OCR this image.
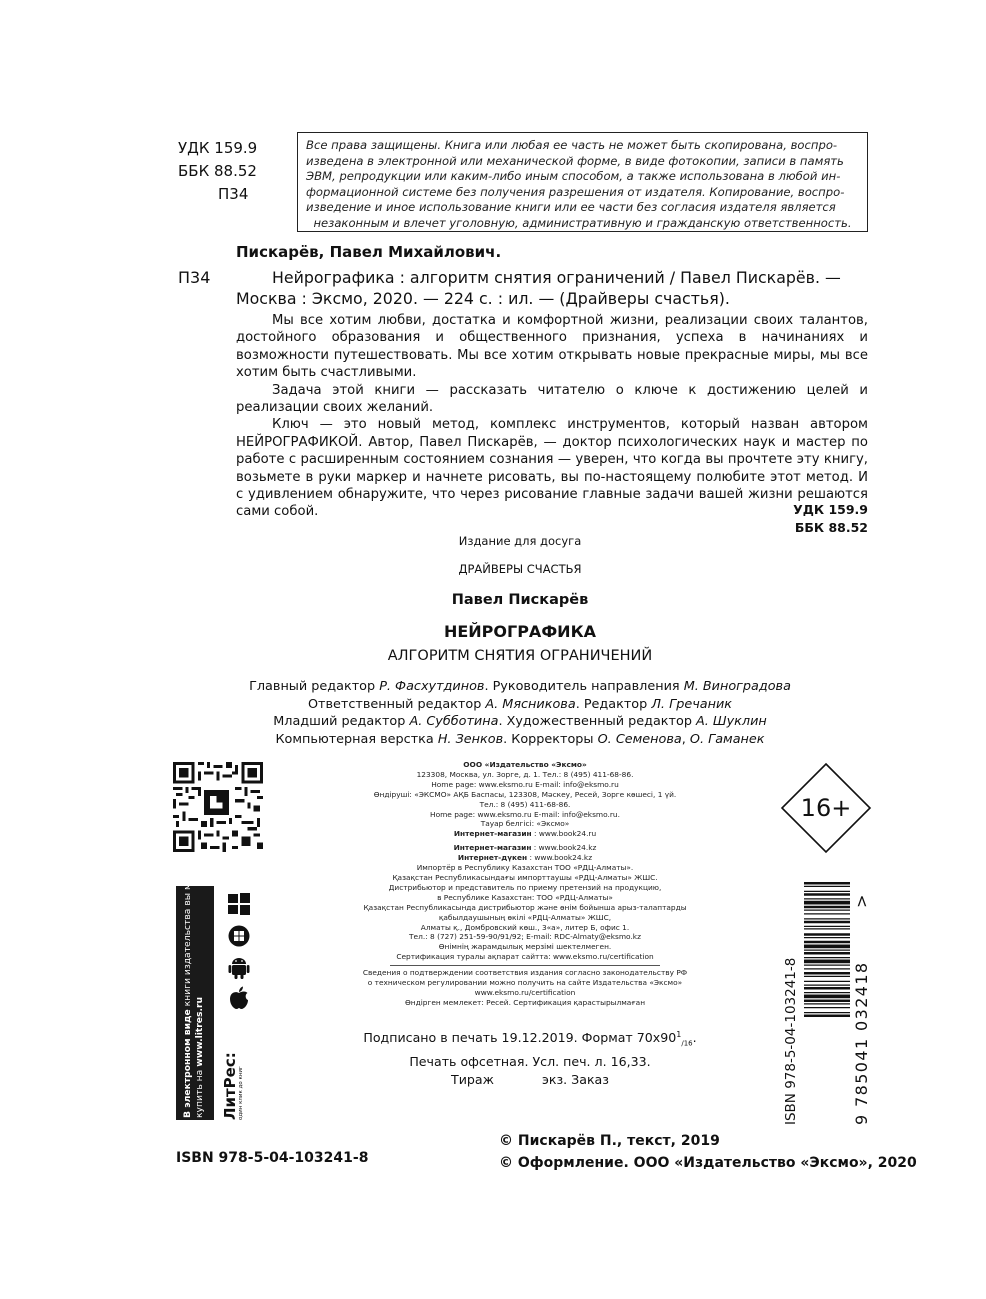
УДК 159.9
ББК 88.52
П34
Все права защищены. Книга или любая ее часть не может быть скопирована, воспро-
изведена в электронной или механической форме, в виде фотокопии, записи в память
ЭВМ, репродукции или каким-либо иным способом, а также использована в любой ин-
формационной системе без получения разрешения от издателя. Копирование, воспро-
изведение и иное использование книги или ее части без согласия издателя является
незаконным и влечет уголовную, административную и гражданскую ответственность.
Пискарёв, Павел Михайлович.
П34	Нейрографика : алгоритм снятия ограничений / Павел Пискарёв. —
Москва : Эксмо, 2020. — 224 с. : ил. — (Драйверы счастья).

Мы все хотим любви, достатка и комфортной жизни, реализации своих талантов, достойного образования и общественного признания, успеха в начинаниях и возможности путешествовать. Мы все хотим открывать новые прекрасные миры, мы все хотим быть счастливыми.

Задача этой книги — рассказать читателю о ключе к достижению целей и реализации своих желаний.

Ключ — это новый метод, комплекс инструментов, который назван автором НЕЙРОГРАФИКОЙ. Автор, Павел Пискарёв, — доктор психологических наук и мастер по работе с расширенным состоянием сознания — уверен, что когда вы прочтете эту книгу, возьмете в руки маркер и начнете рисовать, вы по-настоящему полюбите этот метод. И с удивлением обнаружите, что через рисование главные задачи вашей жизни решаются сами собой.	УДК 159.9
ББК 88.52
Издание для досуга
ДРАЙВЕРЫ СЧАСТЬЯ
Павел Пискарёв
НЕЙРОГРАФИКА
АЛГОРИТМ СНЯТИЯ ОГРАНИЧЕНИЙ
Главный редактор Р. Фасхутдинов. Руководитель направления М. Виноградова
Ответственный редактор А. Мясникова. Редактор Л. Гречаник
Младший редактор А. Субботина. Художественный редактор А. Шуклин
Компьютерная верстка Н. Зенков. Корректоры О. Семенова, О. Гаманек
ООО «Издательство «Эксмо»
123308, Москва, ул. Зорге, д. 1. Тел.: 8 (495) 411-68-86.
Home page: www.eksmo.ru E-mail: info@eksmo.ru
Өндіруші: «ЭКСМО» АҚБ Баспасы, 123308, Мәскеу, Ресей, Зорге көшесі, 1 үй.
Тел.: 8 (495) 411-68-86.
Home page: www.eksmo.ru E-mail: info@eksmo.ru.
Тауар белгісі: «Эксмо»
Интернет-магазин : www.book24.ru
Интернет-магазин : www.book24.kz
Интернет-дүкен : www.book24.kz
Импортёр в Республику Казахстан ТОО «РДЦ-Алматы».
Қазақстан Республикасындағы импорттаушы «РДЦ-Алматы» ЖШС.
Дистрибьютор и представитель по приему претензий на продукцию,
в Республике Казахстан: ТОО «РДЦ-Алматы»
Қазақстан Республикасында дистрибьютор және өнім бойынша арыз-талаптарды
қабылдаушының өкілі «РДЦ-Алматы» ЖШС,
Алматы қ., Домбровский көш., 3«а», литер Б, офис 1.
Тел.: 8 (727) 251-59-90/91/92; E-mail: RDC-Almaty@eksmo.kz
Өнімнің жарамдылық мерзімі шектелмеген.
Сертификация туралы ақпарат сайтта: www.eksmo.ru/certification
Сведения о подтверждении соответствия издания согласно законодательству РФ
о техническом регулировании можно получить на сайте Издательства «Эксмо»
www.eksmo.ru/certification
Өндірген мемлекет: Ресей. Сертификация қарастырылмаған
16+
В электронном виде книги издательства вы можете
купить на www.litres.ru
ЛитРес: один клик до книг	ISBN 978-5-04-103241-8	9 785041 032418
>
Подписано в печать 19.12.2019. Формат $70x90^1_{/16}$.
Печать офсетная. Усл. печ. л. 16,33.
Тираж	экз. Заказ
ISBN 978-5-04-103241-8
© Пискарёв П., текст, 2019
© Оформление. ООО «Издательство «Эксмо», 2020
